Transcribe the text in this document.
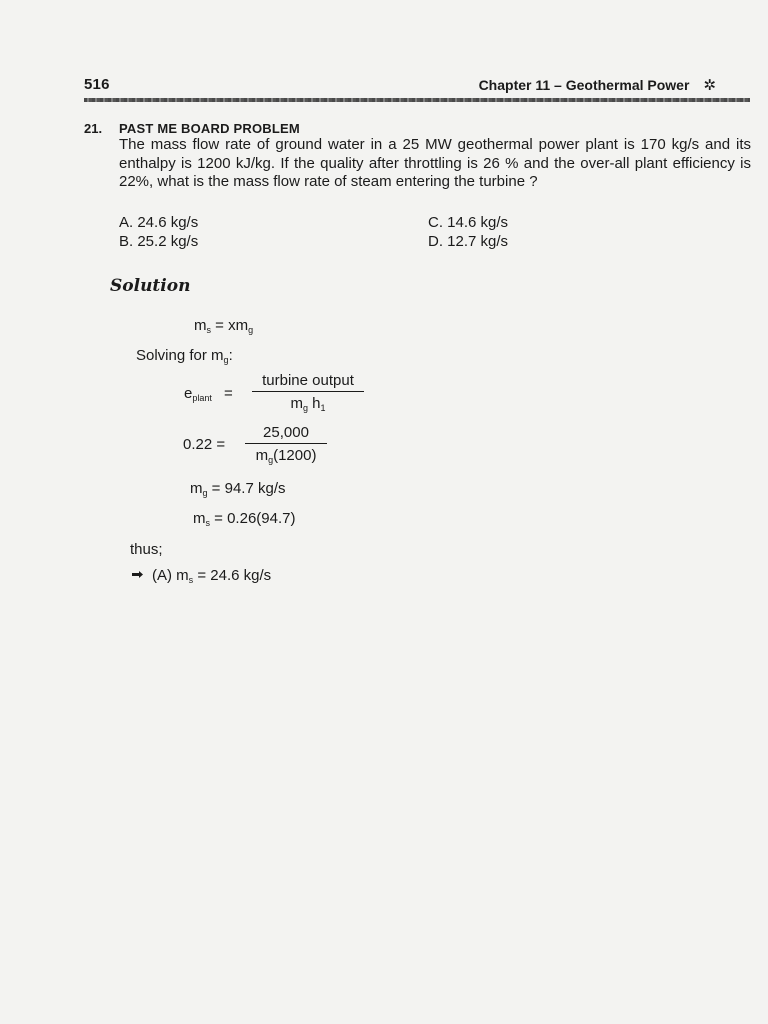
516	Chapter 11 – Geothermal Power ✲
21. PAST ME BOARD PROBLEM
The mass flow rate of ground water in a 25 MW geothermal power plant is 170 kg/s and its enthalpy is 1200 kJ/kg. If the quality after throttling is 26 % and the over-all plant efficiency is 22%, what is the mass flow rate of steam entering the turbine ?
A. 24.6 kg/s
B. 25.2 kg/s
C. 14.6 kg/s
D. 12.7 kg/s
Solution
$m_s = xm_g$
Solving for $m_g$:
$e_{plant}$ =
turbine output
$m_g$ $h_1$
$0.22 = \frac{25,000}{m_g(1200)}$
$m_g = 94.7$ kg/s
$m_s = 0.26(94.7)$
thus;
(A) $m_s = 24.6$ kg/s
